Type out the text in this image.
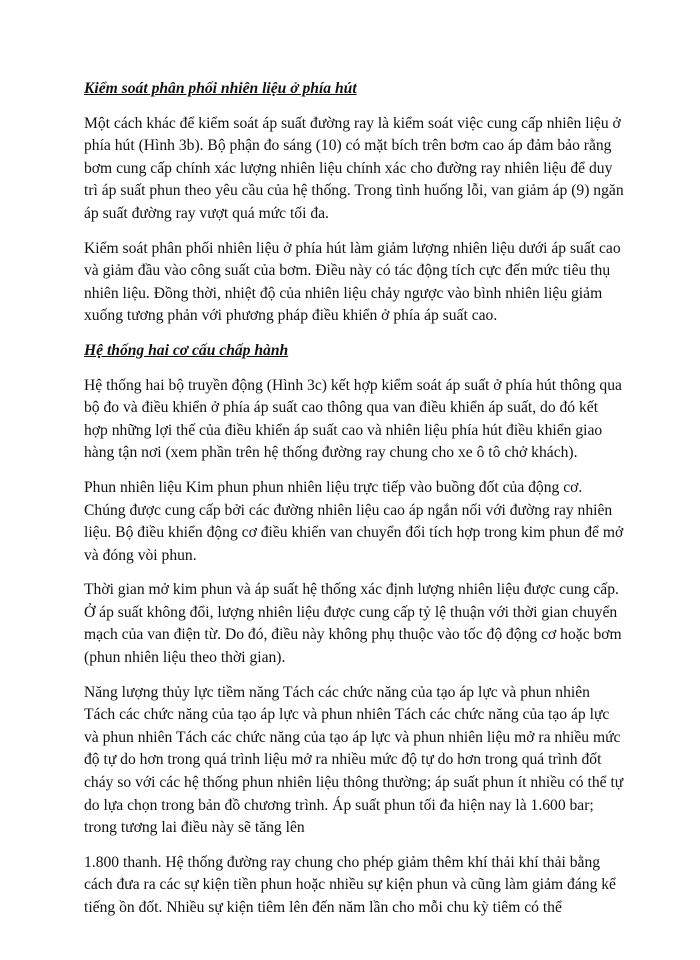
Kiểm soát phân phối nhiên liệu ở phía hút

Một cách khác để kiểm soát áp suất đường ray là kiểm soát việc cung cấp nhiên liệu ở phía hút (Hình 3b). Bộ phận đo sáng (10) có mặt bích trên bơm cao áp đảm bảo rằng bơm cung cấp chính xác lượng nhiên liệu chính xác cho đường ray nhiên liệu để duy trì áp suất phun theo yêu cầu của hệ thống. Trong tình huống lỗi, van giảm áp (9) ngăn áp suất đường ray vượt quá mức tối đa.

Kiểm soát phân phối nhiên liệu ở phía hút làm giảm lượng nhiên liệu dưới áp suất cao và giảm đầu vào công suất của bơm. Điều này có tác động tích cực đến mức tiêu thụ nhiên liệu. Đồng thời, nhiệt độ của nhiên liệu chảy ngược vào bình nhiên liệu giảm xuống tương phản với phương pháp điều khiển ở phía áp suất cao.

Hệ thống hai cơ cấu chấp hành

Hệ thống hai bộ truyền động (Hình 3c) kết hợp kiểm soát áp suất ở phía hút thông qua bộ đo và điều khiển ở phía áp suất cao thông qua van điều khiển áp suất, do đó kết hợp những lợi thế của điều khiển áp suất cao và nhiên liệu phía hút điều khiển giao hàng tận nơi (xem phần trên hệ thống đường ray chung cho xe ô tô chở khách).

Phun nhiên liệu Kim phun phun nhiên liệu trực tiếp vào buồng đốt của động cơ. Chúng được cung cấp bởi các đường nhiên liệu cao áp ngắn nối với đường ray nhiên liệu. Bộ điều khiển động cơ điều khiển van chuyển đổi tích hợp trong kim phun để mở và đóng vòi phun.

Thời gian mở kim phun và áp suất hệ thống xác định lượng nhiên liệu được cung cấp. Ở áp suất không đổi, lượng nhiên liệu được cung cấp tỷ lệ thuận với thời gian chuyển mạch của van điện từ. Do đó, điều này không phụ thuộc vào tốc độ động cơ hoặc bơm (phun nhiên liệu theo thời gian).

Năng lượng thủy lực tiềm năng Tách các chức năng của tạo áp lực và phun nhiên Tách các chức năng của tạo áp lực và phun nhiên Tách các chức năng của tạo áp lực và phun nhiên Tách các chức năng của tạo áp lực và phun nhiên liệu mở ra nhiều mức độ tự do hơn trong quá trình liệu mở ra nhiều mức độ tự do hơn trong quá trình đốt cháy so với các hệ thống phun nhiên liệu thông thường; áp suất phun ít nhiều có thể tự do lựa chọn trong bản đồ chương trình. Áp suất phun tối đa hiện nay là 1.600 bar; trong tương lai điều này sẽ tăng lên

1.800 thanh. Hệ thống đường ray chung cho phép giảm thêm khí thải khí thải bằng cách đưa ra các sự kiện tiền phun hoặc nhiều sự kiện phun và cũng làm giảm đáng kể tiếng ồn đốt. Nhiều sự kiện tiêm lên đến năm lần cho mỗi chu kỳ tiêm có thể
